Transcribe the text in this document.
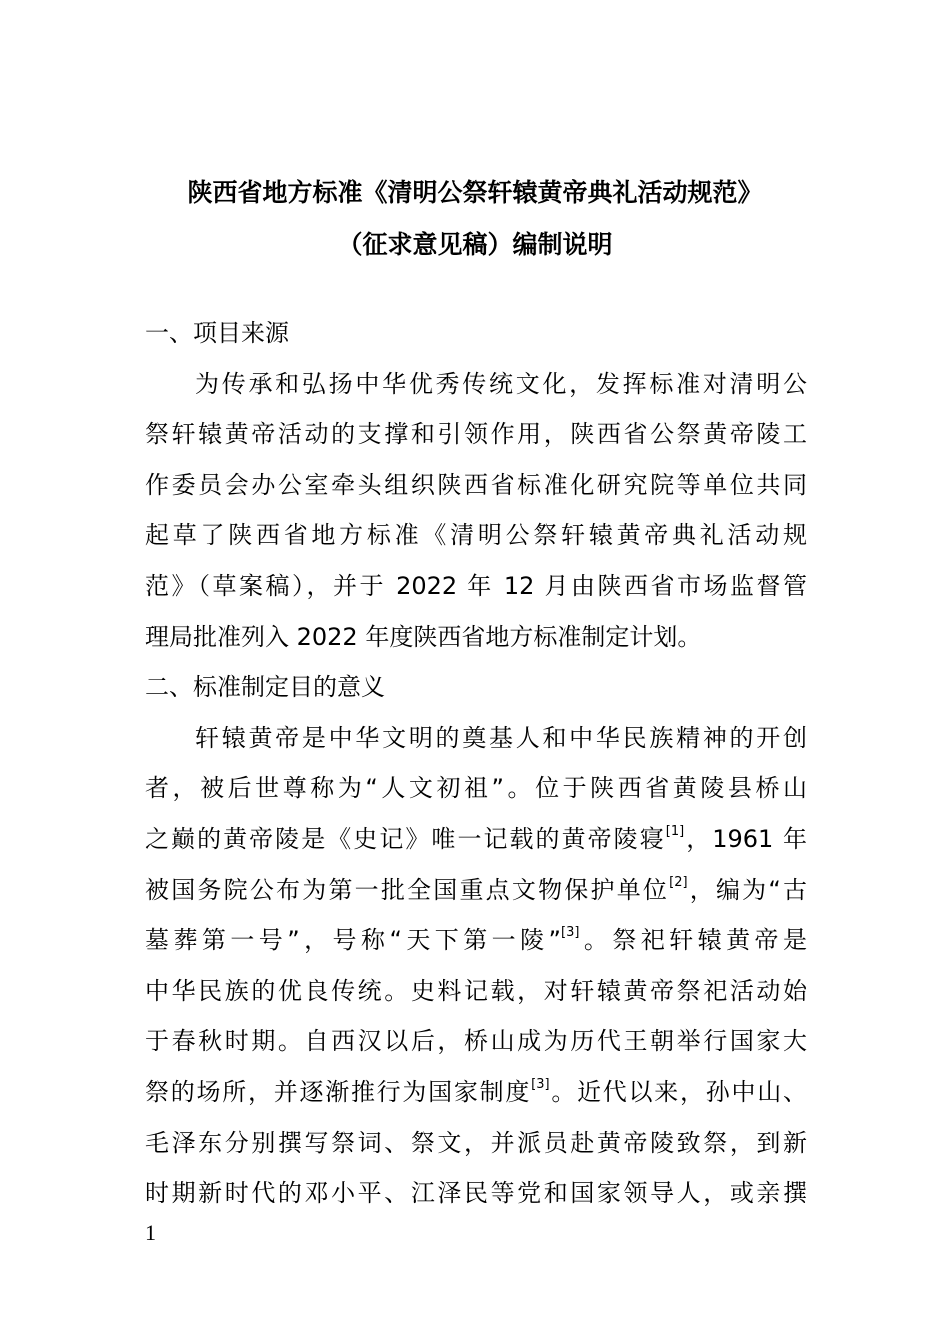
陕西省地方标准《清明公祭轩辕黄帝典礼活动规范》
（征求意见稿）编制说明
一、项目来源
为传承和弘扬中华优秀传统文化，发挥标准对清明公
祭轩辕黄帝活动的支撑和引领作用，陕西省公祭黄帝陵工
作委员会办公室牵头组织陕西省标准化研究院等单位共同
起草了陕西省地方标准《清明公祭轩辕黄帝典礼活动规
范》（草案稿），并于 2022 年 12 月由陕西省市场监督管
理局批准列入 2022 年度陕西省地方标准制定计划。
二、标准制定目的意义
轩辕黄帝是中华文明的奠基人和中华民族精神的开创
者，被后世尊称为“人文初祖”。位于陕西省黄陵县桥山
之巅的黄帝陵是《史记》唯一记载的黄帝陵寝[1]，1961 年
被国务院公布为第一批全国重点文物保护单位[2]，编为“古
墓葬第一号”，号称“天下第一陵”[3]。祭祀轩辕黄帝是
中华民族的优良传统。史料记载，对轩辕黄帝祭祀活动始
于春秋时期。自西汉以后，桥山成为历代王朝举行国家大
祭的场所，并逐渐推行为国家制度[3]。近代以来，孙中山、
毛泽东分别撰写祭词、祭文，并派员赴黄帝陵致祭，到新
时期新时代的邓小平、江泽民等党和国家领导人，或亲撰
1
